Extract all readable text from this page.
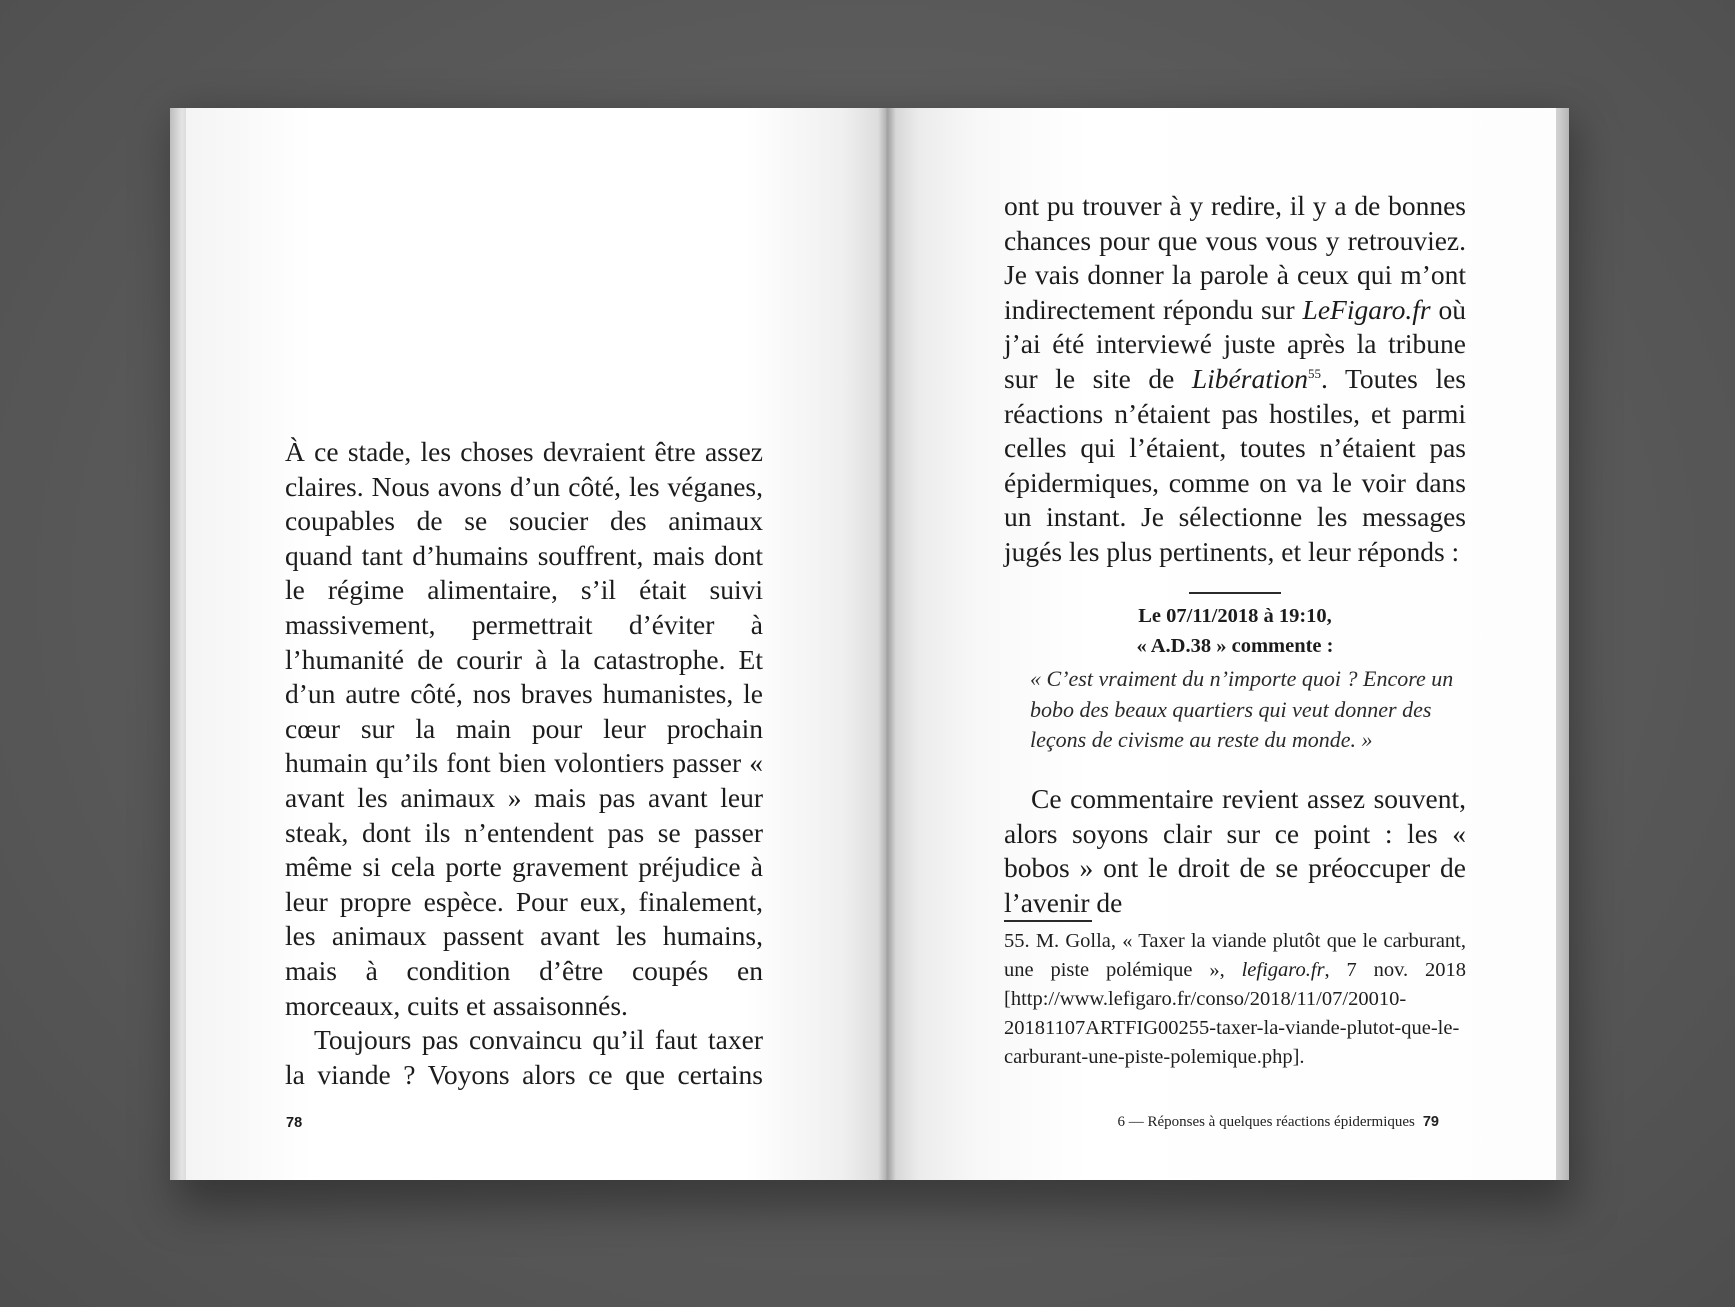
À ce stade, les choses devraient être assez claires. Nous avons d’un côté, les véganes, coupables de se soucier des animaux quand tant d’humains souffrent, mais dont le régime alimentaire, s’il était suivi massivement, permettrait d’éviter à l’humanité de courir à la catastrophe. Et d’un autre côté, nos braves humanistes, le cœur sur la main pour leur prochain humain qu’ils font bien volontiers passer « avant les animaux » mais pas avant leur steak, dont ils n’entendent pas se passer même si cela porte gravement préjudice à leur propre espèce. Pour eux, finalement, les animaux passent avant les humains, mais à condition d’être coupés en morceaux, cuits et assaisonnés.

Toujours pas convaincu qu’il faut taxer la viande ? Voyons alors ce que certains

78

ont pu trouver à y redire, il y a de bonnes chances pour que vous vous y retrouviez. Je vais donner la parole à ceux qui m’ont indirectement répondu sur LeFigaro.fr où j’ai été interviewé juste après la tribune sur le site de Libération$^{55}$. Toutes les réactions n’étaient pas hostiles, et parmi celles qui l’étaient, toutes n’étaient pas épidermiques, comme on va le voir dans un instant. Je sélectionne les messages jugés les plus pertinents, et leur réponds :

Le 07/11/2018 à 19:10,
« A.D.38 » commente :

« C’est vraiment du n’importe quoi ? Encore un bobo des beaux quartiers qui veut donner des leçons de civisme au reste du monde. »

Ce commentaire revient assez souvent, alors soyons clair sur ce point : les « bobos » ont le droit de se préoccuper de l’avenir de

55. M. Golla, « Taxer la viande plutôt que le carburant, une piste polémique », lefigaro.fr, 7 nov. 2018 [http://www.lefigaro.fr/conso/2018/11/07/20010-20181107ARTFIG00255-taxer-la-viande-plutot-que-le-carburant-une-piste-polemique.php].

6 — Réponses à quelques réactions épidermiques 79
